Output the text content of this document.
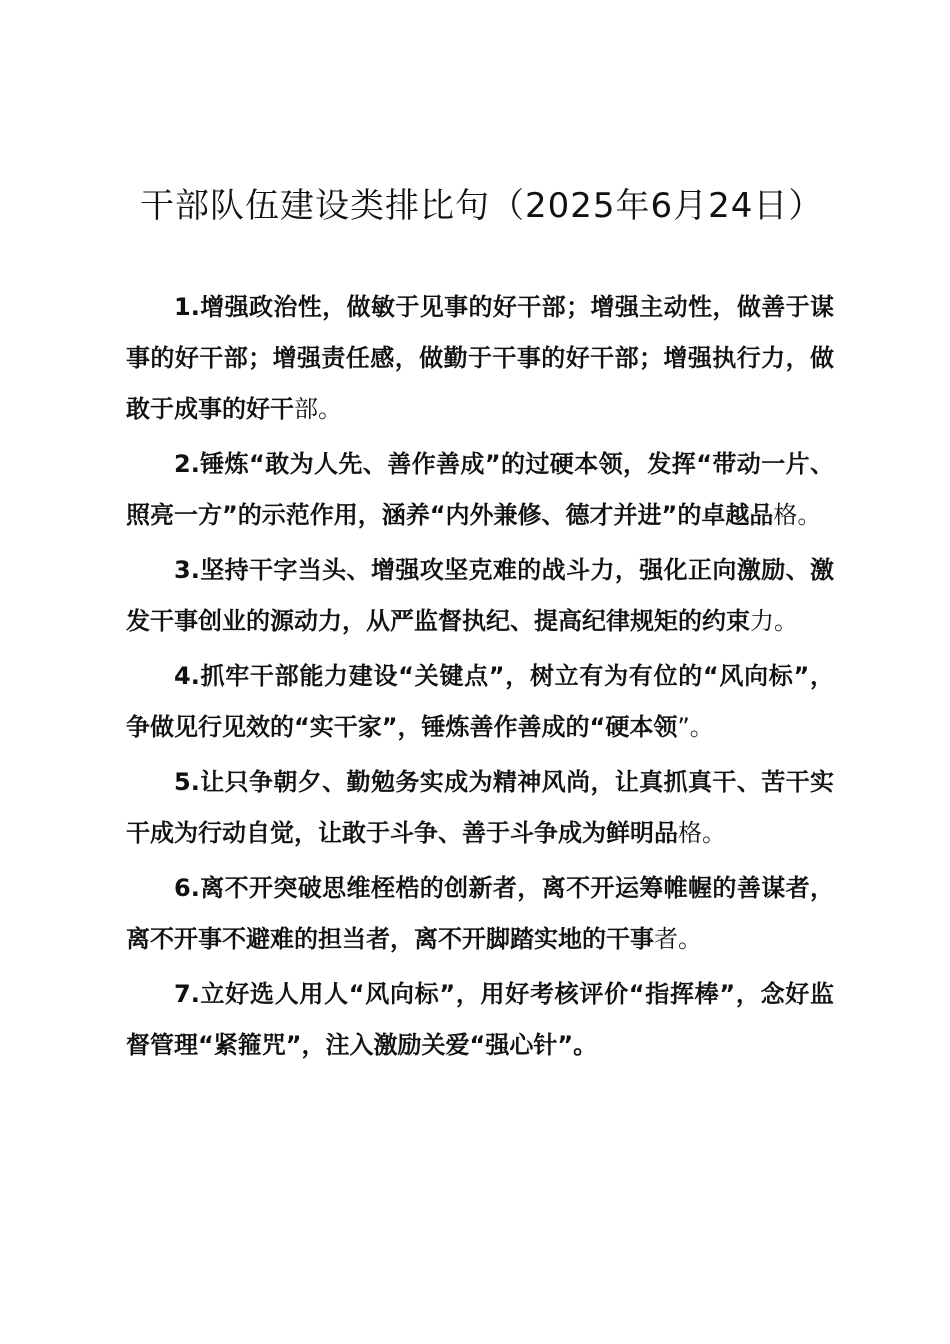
干部队伍建设类排比句（2025年6月24日）

1.增强政治性，做敏于见事的好干部；增强主动性，做善于谋事的好干部；增强责任感，做勤于干事的好干部；增强执行力，做敢于成事的好干部。

2.锤炼“敢为人先、善作善成”的过硬本领，发挥“带动一片、照亮一方”的示范作用，涵养“内外兼修、德才并进”的卓越品格。

3.坚持干字当头、增强攻坚克难的战斗力，强化正向激励、激发干事创业的源动力，从严监督执纪、提高纪律规矩的约束力。

4.抓牢干部能力建设“关键点”，树立有为有位的“风向标”，争做见行见效的“实干家”，锤炼善作善成的“硬本领”。

5.让只争朝夕、勤勉务实成为精神风尚，让真抓真干、苦干实干成为行动自觉，让敢于斗争、善于斗争成为鲜明品格。

6.离不开突破思维桎梏的创新者，离不开运筹帷幄的善谋者，离不开事不避难的担当者，离不开脚踏实地的干事者。

7.立好选人用人“风向标”，用好考核评价“指挥棒”，念好监督管理“紧箍咒”，注入激励关爱“强心针”。
